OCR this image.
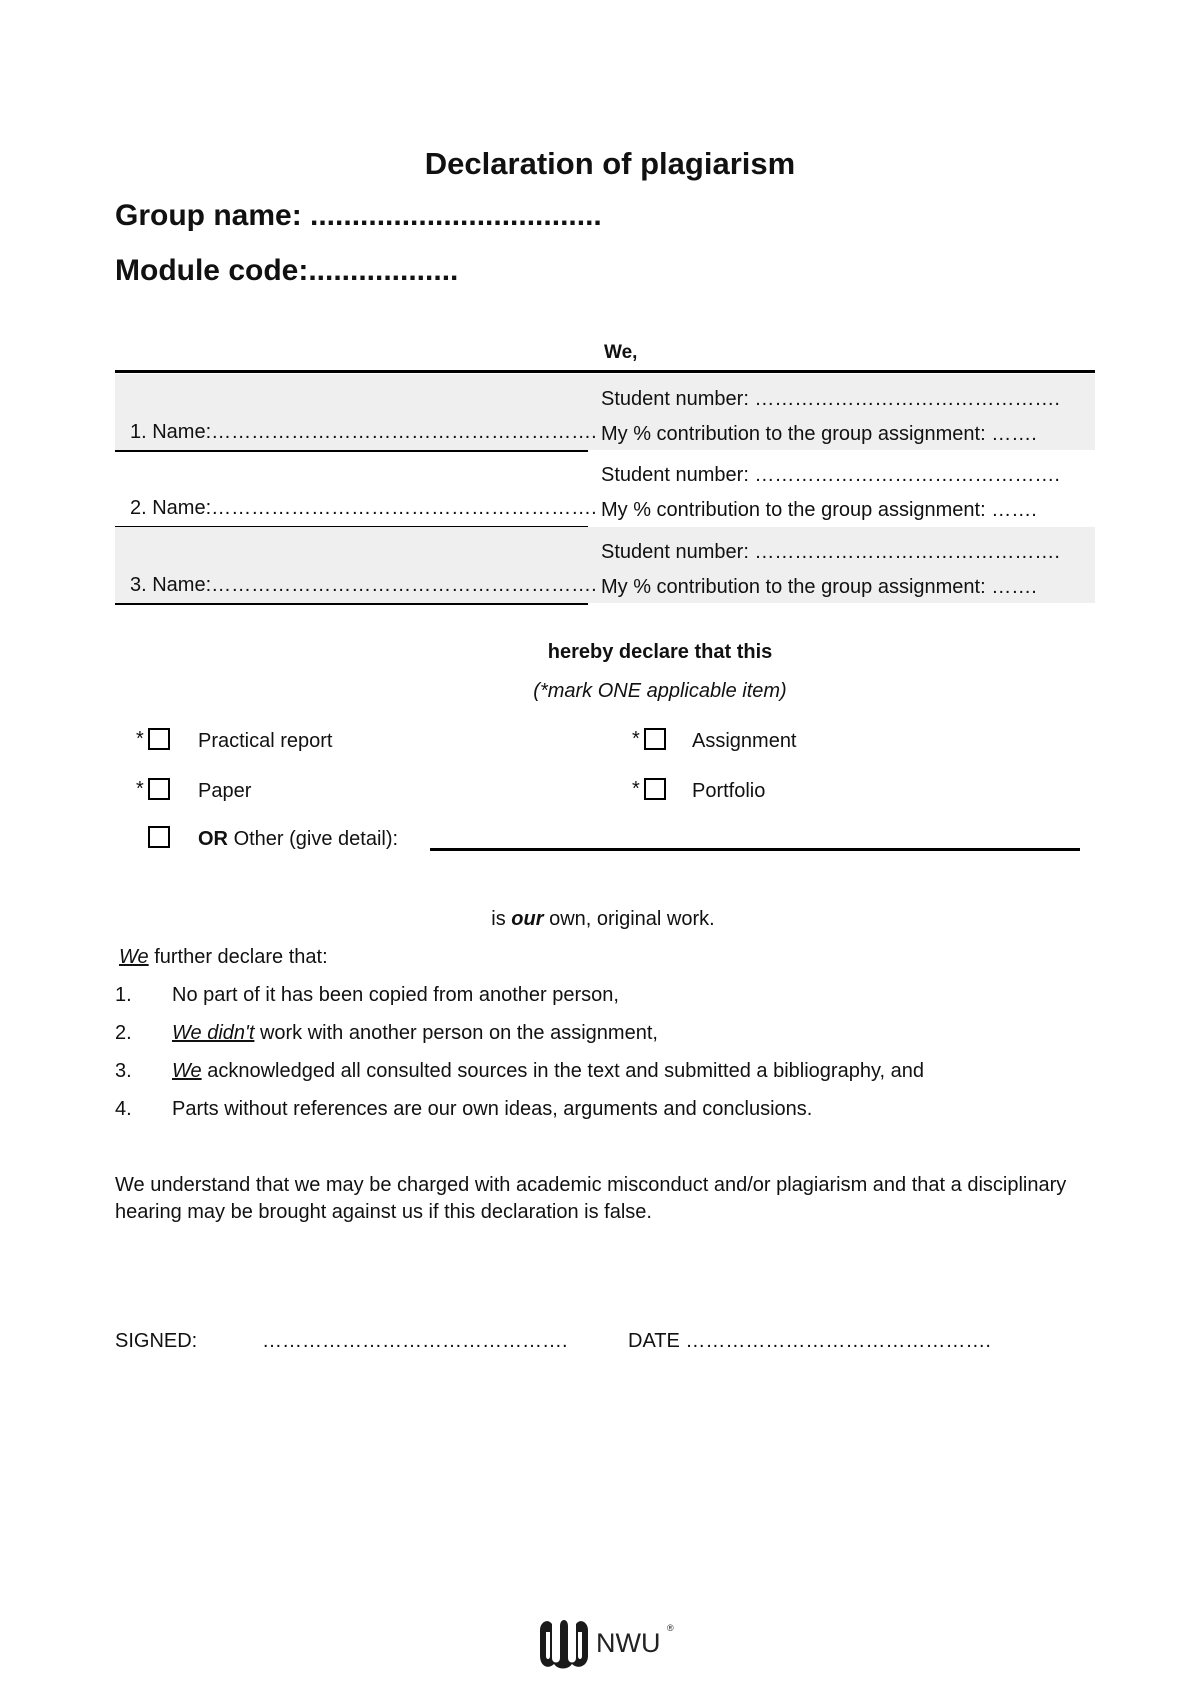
Declaration of plagiarism
Group name: ...................................
Module code:..................
We,
1. Name:………………………………………………….
Student number: ……………………………………….
My % contribution to the group assignment: …….
2. Name:………………………………………………….
Student number: ……………………………………….
My % contribution to the group assignment: …….
3. Name:………………………………………………….
Student number: ……………………………………….
My % contribution to the group assignment: …….
hereby declare that this
(*mark ONE applicable item)
*	Practical report	*	Assignment
*	Paper	*	Portfolio
OR Other (give detail):
is our own, original work.
We further declare that:
1. No part of it has been copied from another person,
2. We didn't work with another person on the assignment,
3. We acknowledged all consulted sources in the text and submitted a bibliography, and
4. Parts without references are our own ideas, arguments and conclusions.
We understand that we may be charged with academic misconduct and/or plagiarism and that a disciplinary hearing may be brought against us if this declaration is false.
SIGNED:	……………………………………….	DATE ……………………………………….
NWU ®
